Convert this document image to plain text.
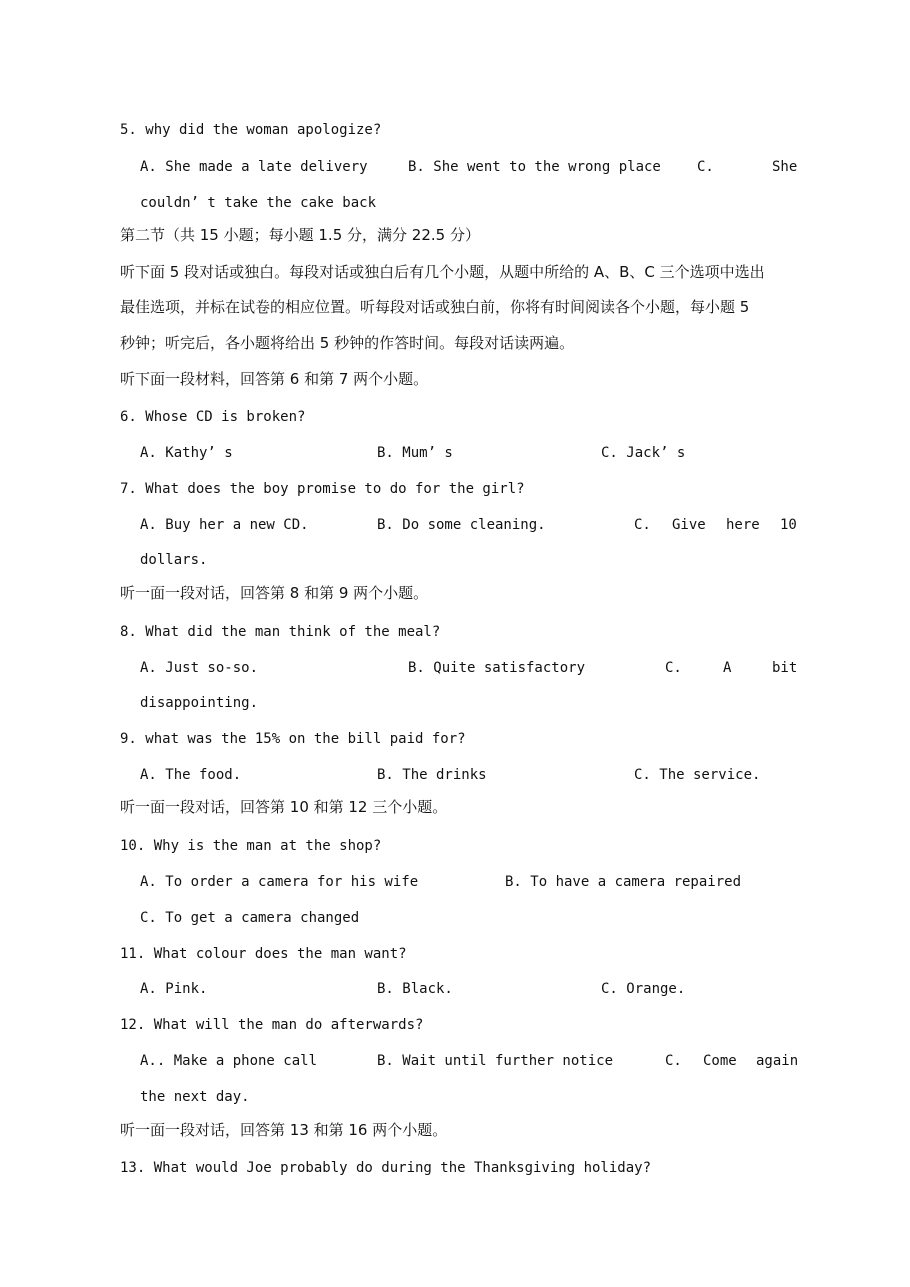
5. why did the woman apologize?
A. She made a late delivery	B. She went to the wrong place	C.	She
couldn’ t take the cake back
第二节（共 15 小题；每小题 1.5 分，满分 22.5 分）
听下面 5 段对话或独白。每段对话或独白后有几个小题，从题中所给的 A、B、C 三个选项中选出
最佳选项，并标在试卷的相应位置。听每段对话或独白前，你将有时间阅读各个小题，每小题 5
秒钟；听完后，各小题将给出 5 秒钟的作答时间。每段对话读两遍。
听下面一段材料，回答第 6 和第 7 两个小题。
6. Whose CD is broken?
A. Kathy’ s	B. Mum’ s	C. Jack’ s
7. What does the boy promise to do for the girl?
A. Buy her a new CD.	B. Do some cleaning.	C. Give here 10
dollars.
听一面一段对话，回答第 8 和第 9 两个小题。
8. What did the man think of the meal?
A. Just so-so.	B. Quite satisfactory	C.	A	bit
disappointing.
9. what was the 15% on the bill paid for?
A. The food.	B. The drinks	C. The service.
听一面一段对话，回答第 10 和第 12 三个小题。
10. Why is the man at the shop?
A. To order a camera for his wife	B. To have a camera repaired
C. To get a camera changed
11. What colour does the man want?
A. Pink.	B. Black.	C. Orange.
12. What will the man do afterwards?
A.. Make a phone call	B. Wait until further notice	C. Come again
the next day.
听一面一段对话，回答第 13 和第 16 两个小题。
13. What would Joe probably do during the Thanksgiving holiday?
